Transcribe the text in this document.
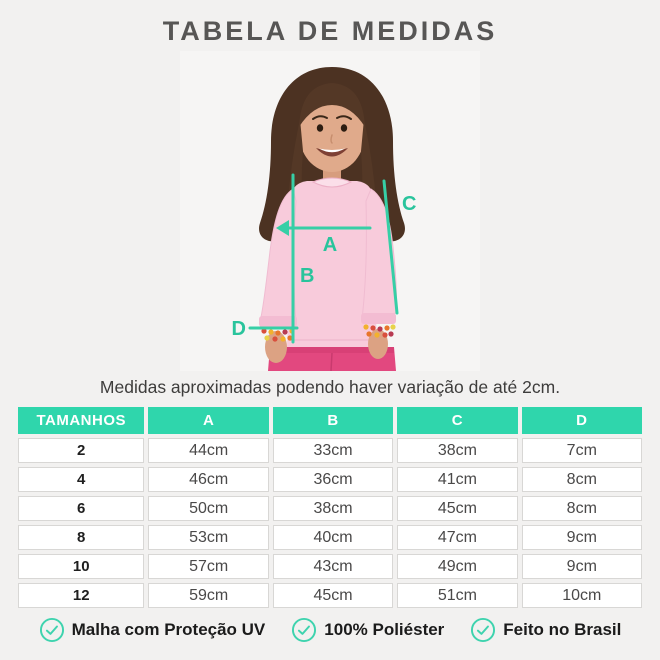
TABELA DE MEDIDAS
A
B
C
D
Medidas aproximadas podendo haver variação de até 2cm.
TAMANHOS	A	B	C	D
2	44cm	33cm	38cm	7cm
4	46cm	36cm	41cm	8cm
6	50cm	38cm	45cm	8cm
8	53cm	40cm	47cm	9cm
10	57cm	43cm	49cm	9cm
12	59cm	45cm	51cm	10cm
Malha com Proteção UV	100% Poliéster	Feito no Brasil
